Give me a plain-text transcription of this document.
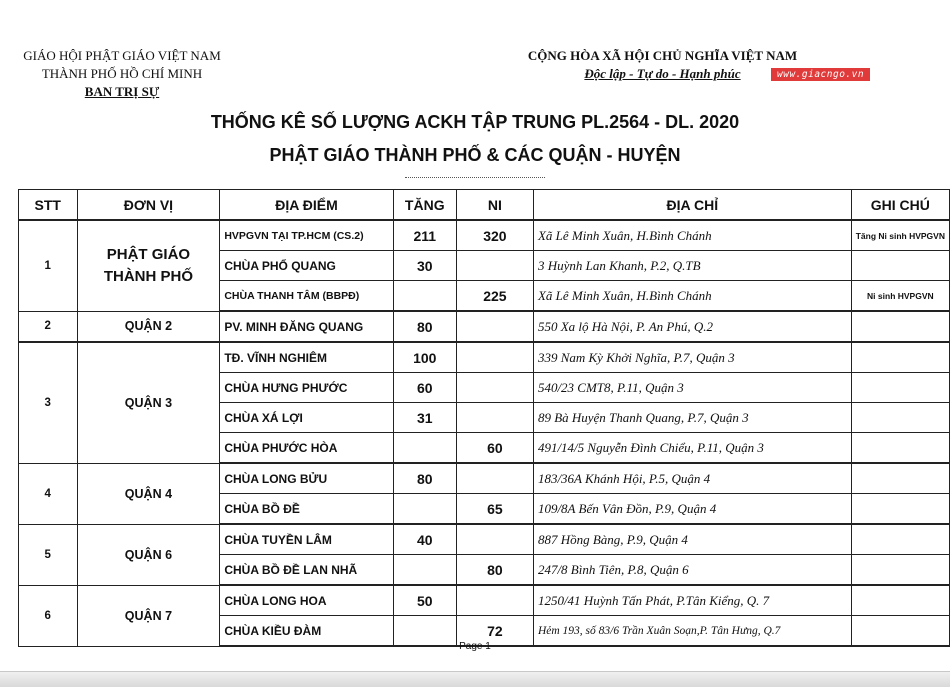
GIÁO HỘI PHẬT GIÁO VIỆT NAM
THÀNH PHỐ HỒ CHÍ MINH
BAN TRỊ SỰ
CỘNG HÒA XÃ HỘI CHỦ NGHĨA VIỆT NAM
Độc lập - Tự do - Hạnh phúc	www.giacngo.vn
THỐNG KÊ SỐ LƯỢNG ACKH TẬP TRUNG PL.2564 - DL. 2020
PHẬT GIÁO THÀNH PHỐ & CÁC QUẬN - HUYỆN
STT	ĐƠN VỊ	ĐỊA ĐIỂM	TĂNG	NI	ĐỊA CHỈ	GHI CHÚ
1	PHẬT GIÁO THÀNH PHỐ	HVPGVN TẠI TP.HCM (CS.2)	211	320	Xã Lê Minh Xuân, H.Bình Chánh	Tăng Ni sinh HVPGVN
		CHÙA PHỔ QUANG	30		3 Huỳnh Lan Khanh, P.2, Q.TB	
		CHÙA THANH TÂM (BBPĐ)		225	Xã Lê Minh Xuân, H.Bình Chánh	Ni sinh HVPGVN
2	QUẬN 2	PV. MINH ĐĂNG QUANG	80		550 Xa lộ Hà Nội, P. An Phú, Q.2	
3	QUẬN 3	TĐ. VĨNH NGHIÊM	100		339 Nam Kỳ Khởi Nghĩa, P.7, Quận 3	
		CHÙA HƯNG PHƯỚC	60		540/23 CMT8, P.11, Quận 3	
		CHÙA XÁ LỢI	31		89 Bà Huyện Thanh Quang, P.7, Quận 3	
		CHÙA PHƯỚC HÒA		60	491/14/5 Nguyễn Đình Chiểu, P.11, Quận 3	
4	QUẬN 4	CHÙA LONG BỬU	80		183/36A Khánh Hội, P.5, Quận 4	
		CHÙA BỒ ĐỀ		65	109/8A Bến Vân Đồn, P.9, Quận 4	
5	QUẬN 6	CHÙA TUYỀN LÂM	40		887 Hồng Bàng, P.9, Quận 4	
		CHÙA BỒ ĐỀ LAN NHÃ		80	247/8 Bình Tiên, P.8, Quận 6	
6	QUẬN 7	CHÙA LONG HOA	50		1250/41 Huỳnh Tấn Phát, P.Tân Kiểng, Q. 7	
		CHÙA KIỀU ĐÀM		72	Hẻm 193, số 83/6 Trần Xuân Soạn,P. Tân Hưng, Q.7	
Page 1
